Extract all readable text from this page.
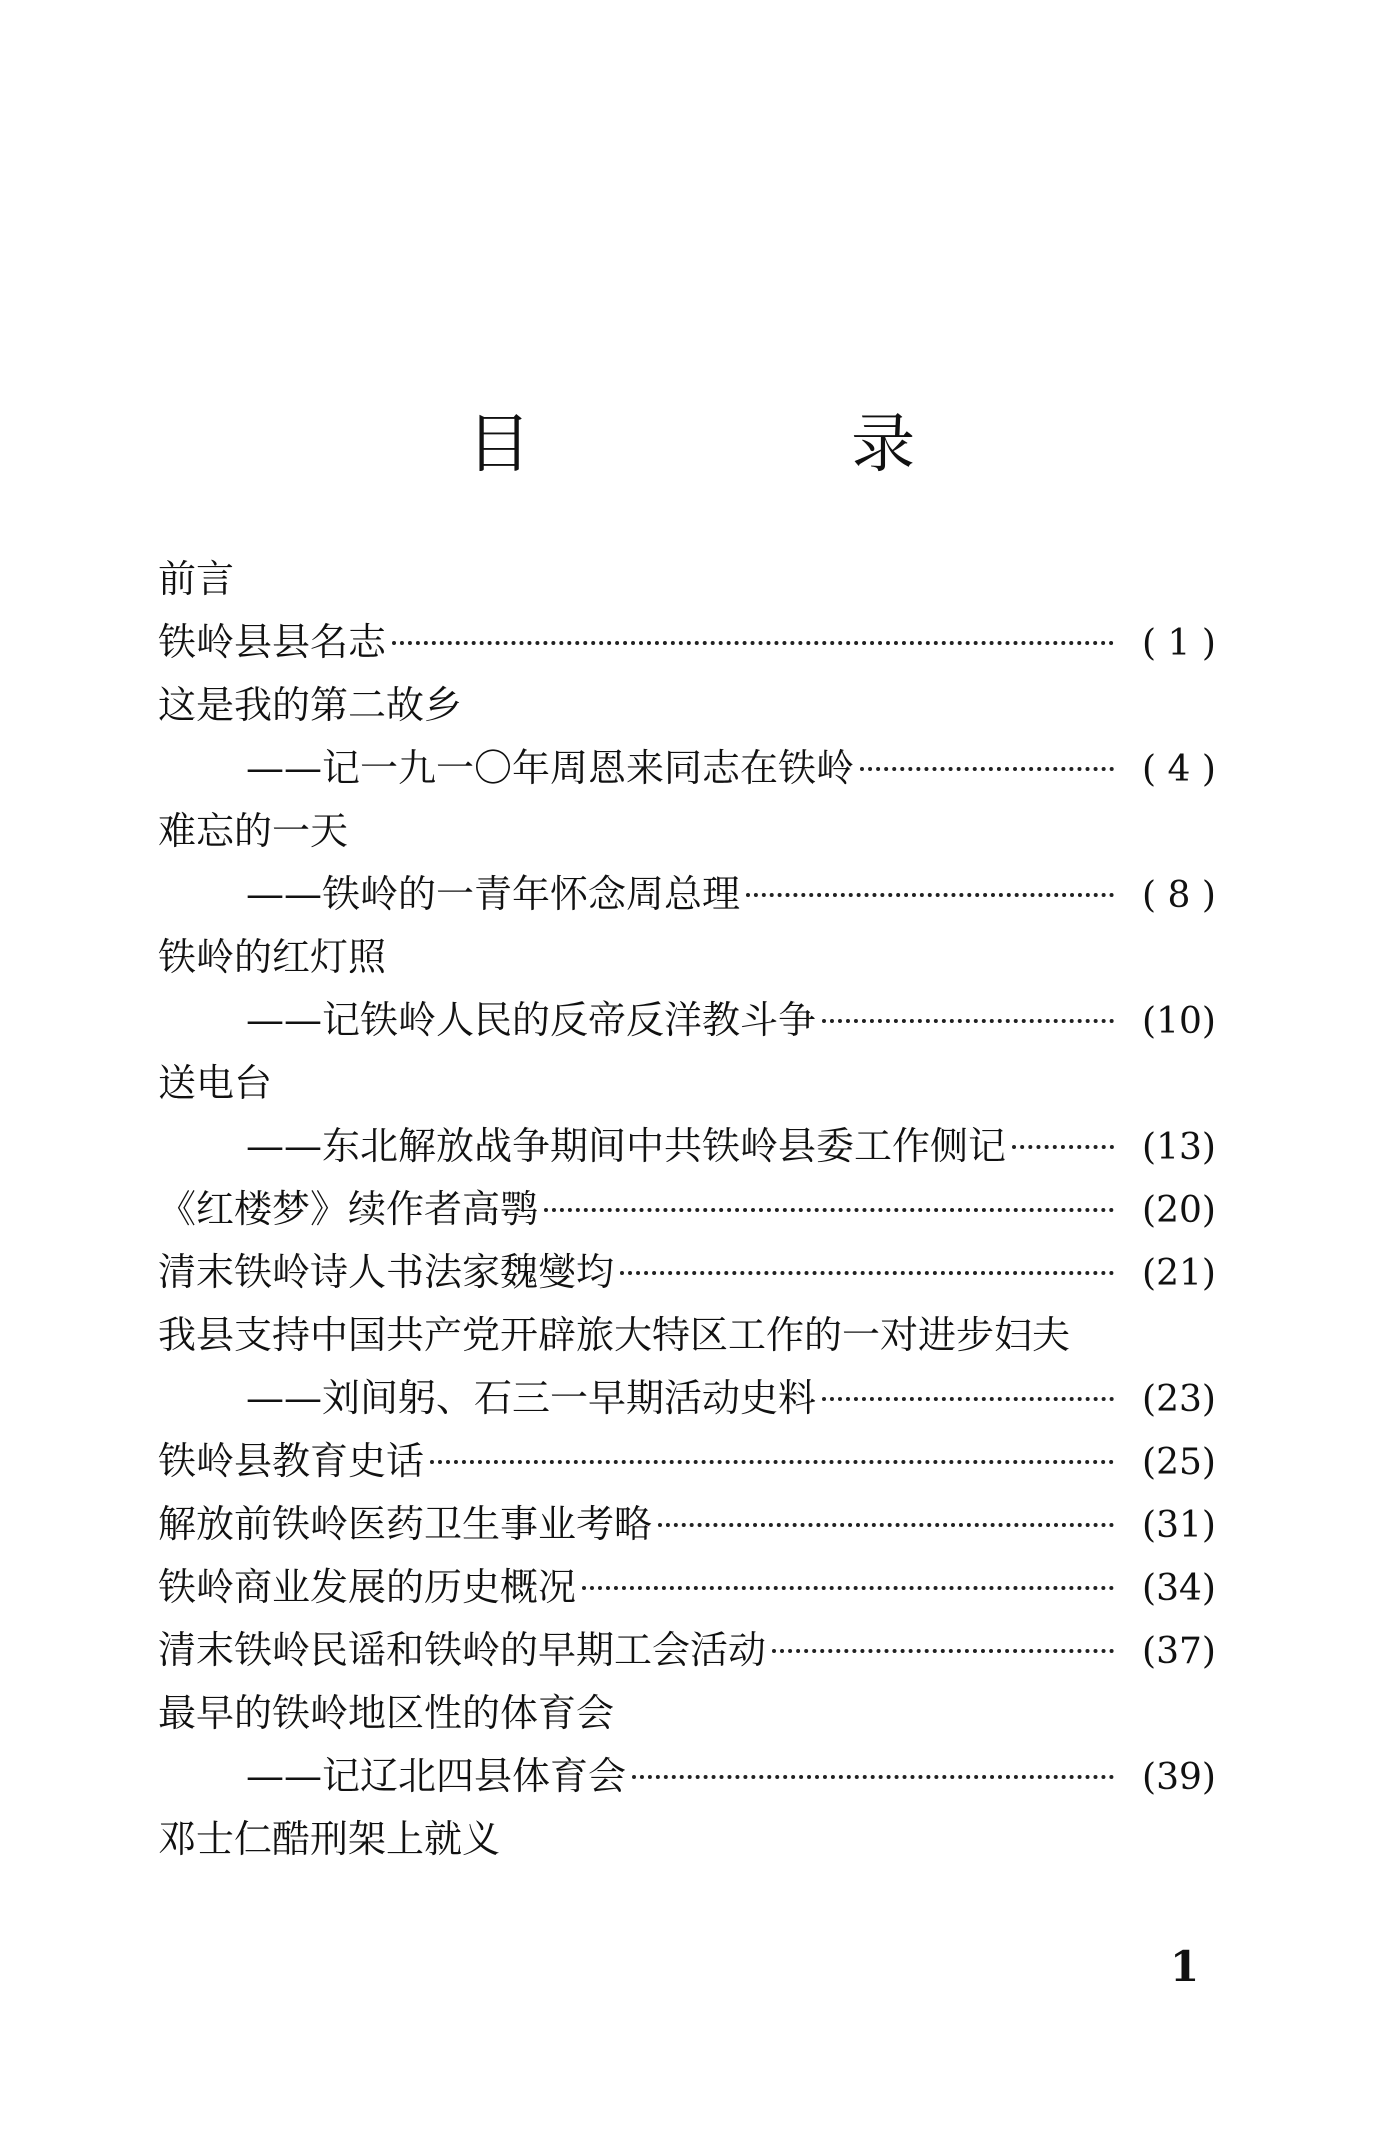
目 录
前言
铁岭县县名志	( 1 )
这是我的第二故乡
——记一九一〇年周恩来同志在铁岭	( 4 )
难忘的一天
——铁岭的一青年怀念周总理	( 8 )
铁岭的红灯照
——记铁岭人民的反帝反洋教斗争	(10)
送电台
——东北解放战争期间中共铁岭县委工作侧记	(13)
《红楼梦》续作者高鹗	(20)
清末铁岭诗人书法家魏燮均	(21)
我县支持中国共产党开辟旅大特区工作的一对进步妇夫
——刘间躬、石三一早期活动史料	(23)
铁岭县教育史话	(25)
解放前铁岭医药卫生事业考略	(31)
铁岭商业发展的历史概况	(34)
清末铁岭民谣和铁岭的早期工会活动	(37)
最早的铁岭地区性的体育会
——记辽北四县体育会	(39)
邓士仁酷刑架上就义
1
